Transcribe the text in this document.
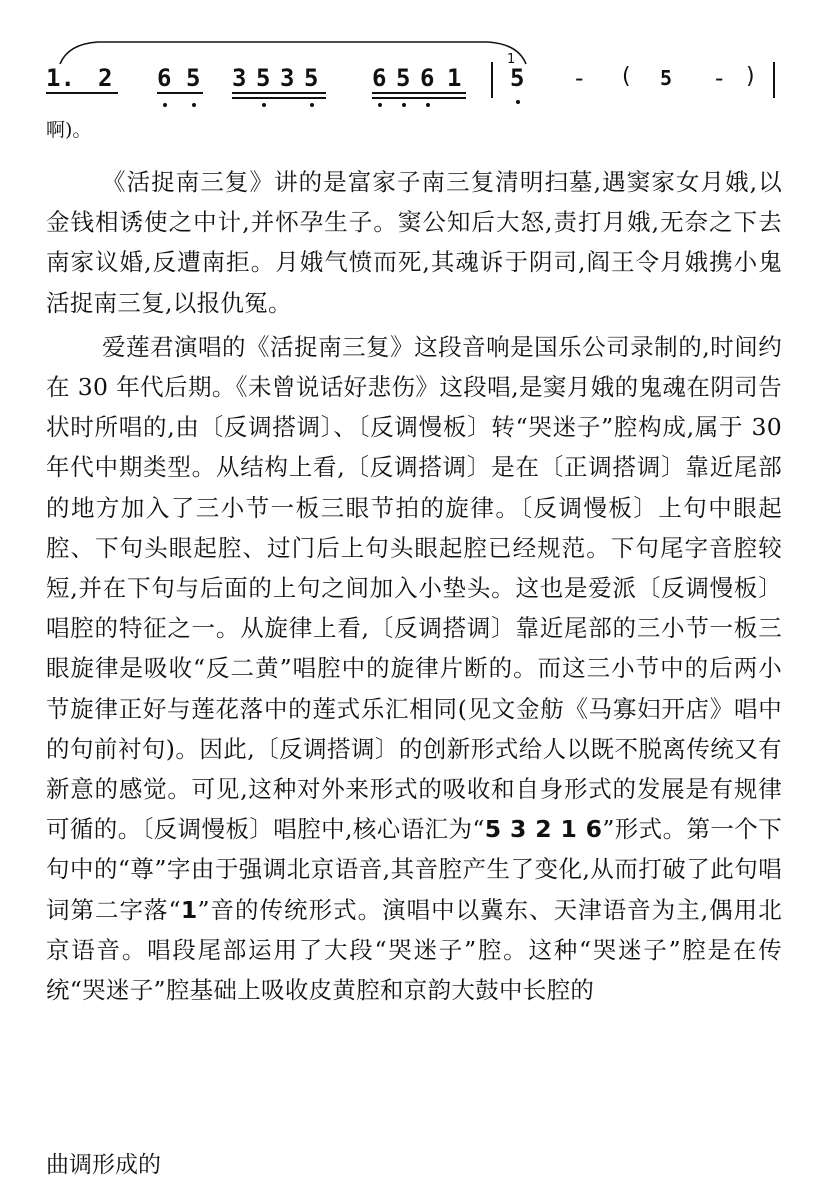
1. 2 6 5 3 5 3 5 6 5 6 1
1
5 - ( 5 - )
啊)。

《活捉南三复》讲的是富家子南三复清明扫墓,遇窦家女月娥,以金钱相诱使之中计,并怀孕生子。窦公知后大怒,责打月娥,无奈之下去南家议婚,反遭南拒。月娥气愤而死,其魂诉于阴司,阎王令月娥携小鬼活捉南三复,以报仇冤。

爱莲君演唱的《活捉南三复》这段音响是国乐公司录制的,时间约在 30 年代后期。《未曾说话好悲伤》这段唱,是窦月娥的鬼魂在阴司告状时所唱的,由〔反调搭调〕、〔反调慢板〕转“哭迷子”腔构成,属于 30 年代中期类型。从结构上看,〔反调搭调〕是在〔正调搭调〕靠近尾部的地方加入了三小节一板三眼节拍的旋律。〔反调慢板〕上句中眼起腔、下句头眼起腔、过门后上句头眼起腔已经规范。下句尾字音腔较短,并在下句与后面的上句之间加入小垫头。这也是爱派〔反调慢板〕唱腔的特征之一。从旋律上看,〔反调搭调〕靠近尾部的三小节一板三眼旋律是吸收“反二黄”唱腔中的旋律片断的。而这三小节中的后两小节旋律正好与莲花落中的莲式乐汇相同(见文金舫《马寡妇开店》唱中的句前衬句)。因此,〔反调搭调〕的创新形式给人以既不脱离传统又有新意的感觉。可见,这种对外来形式的吸收和自身形式的发展是有规律可循的。〔反调慢板〕唱腔中,核心语汇为“5 3 2 1 6”形式。第一个下句中的“尊”字由于强调北京语音,其音腔产生了变化,从而打破了此句唱词第二字落“1”音的传统形式。演唱中以冀东、天津语音为主,偶用北京语音。唱段尾部运用了大段“哭迷子”腔。这种“哭迷子”腔是在传统“哭迷子”腔基础上吸收皮黄腔和京韵大鼓中长腔的

曲调形成的
